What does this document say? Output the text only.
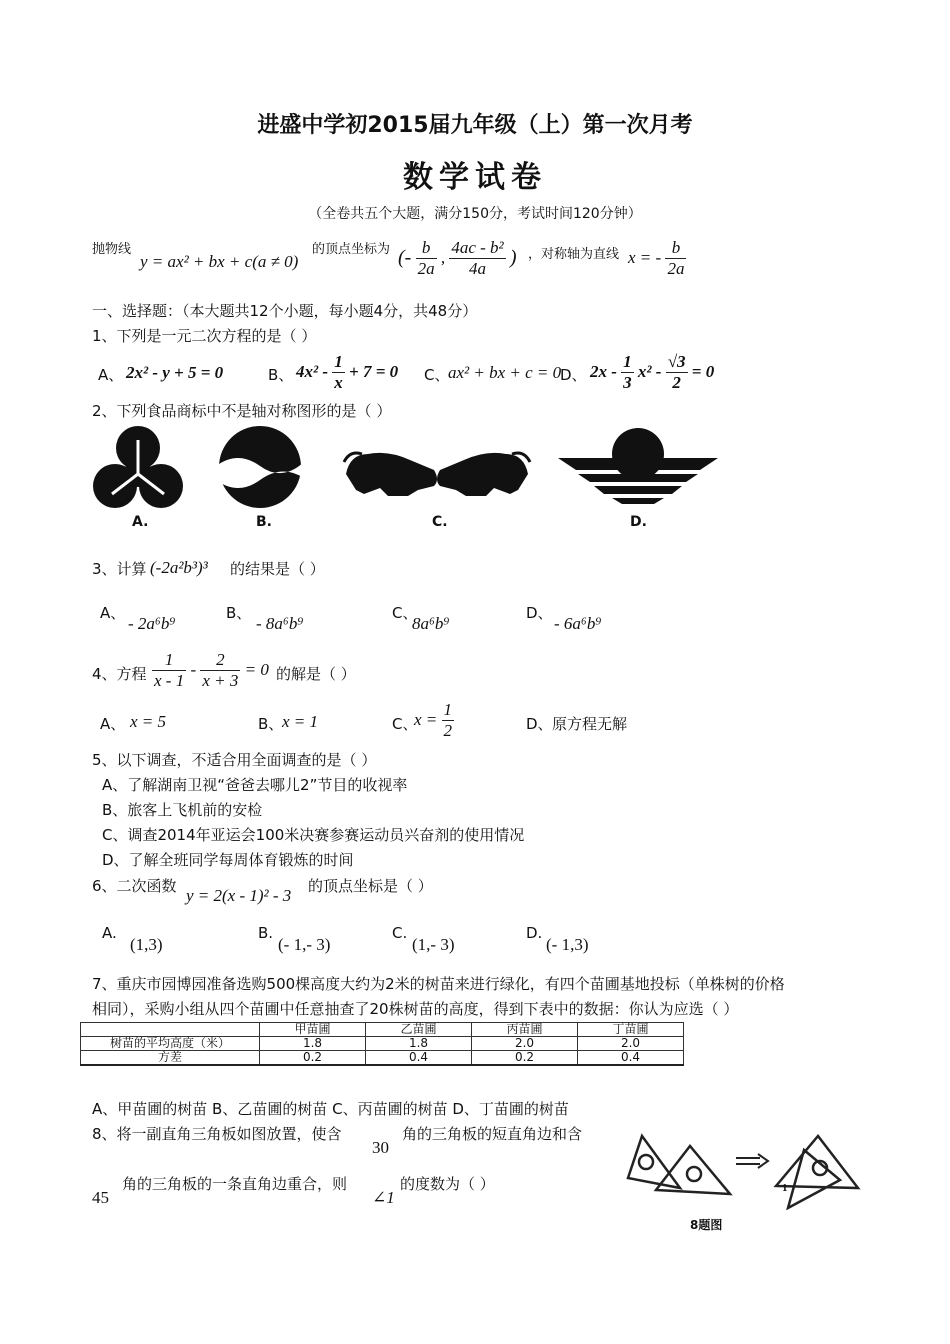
进盛中学初2015届九年级（上）第一次月考
数学试卷
（全卷共五个大题，满分150分，考试时间120分钟）
抛物线
y = ax² + bx + c(a ≠ 0)
的顶点坐标为 (- $\frac{b}{2a}$ , $\frac{\text{4ac - b²}}{4a}$ ) ，对称轴为直线 x = - $\frac{b}{2a}$
一、选择题：（本大题共12个小题，每小题4分，共48分）
1、下列是一元二次方程的是（ ）
A、 2x² - y + 5 = 0	B、 $4x^2 - \frac{1}{x} + 7 = 0$ C、
ax² + bx + c = 0
D、 $2x - \frac{1}{3} x^2 - \frac{√3}{2} = 0$
2、下列食品商标中不是轴对称图形的是（ ）
A.	B.	C.	D.
3、计算 (-2a²b³)³ 的结果是（ ）
A、
- 2a⁶b⁹
B、
- 8a⁶b⁹
C、
8a⁶b⁹
D、
- 6a⁶b⁹
4、方程 $\frac{1}{x - 1} - \frac{2}{x + 3} = 0$ 的解是（ ）
A、 x = 5	B、
x = 1	C、
$x = \frac{1}{2}$	D、 原方程无解
5、以下调查，不适合用全面调查的是（ ）
A、了解湖南卫视“爸爸去哪儿2”节目的收视率
B、旅客上飞机前的安检
C、调查2014年亚运会100米决赛参赛运动员兴奋剂的使用情况
D、了解全班同学每周体育锻炼的时间
6、二次函数 y = 2(x - 1)² - 3 的顶点坐标是（ ）
A.
(1,3)
B.
(- 1,- 3)
C.
(1,- 3)
D.
(- 1,3)
7、重庆市园博园准备选购500棵高度大约为2米的树苗来进行绿化，有四个苗圃基地投标（单株树的价格
相同），采购小组从四个苗圃中任意抽查了20株树苗的高度，得到下表中的数据：你认为应选（ ）
	甲苗圃	乙苗圃	丙苗圃	丁苗圃
树苗的平均高度（米）	1.8	1.8	2.0	2.0
方差	0.2	0.4	0.2	0.4
A、甲苗圃的树苗 B、乙苗圃的树苗 C、丙苗圃的树苗 D、丁苗圃的树苗
8、将一副直角三角板如图放置，使含
30
角的三角板的短直角边和含
45
角的三角板的一条直角边重合，则
∠1
的度数为（ ）	1
8题图
